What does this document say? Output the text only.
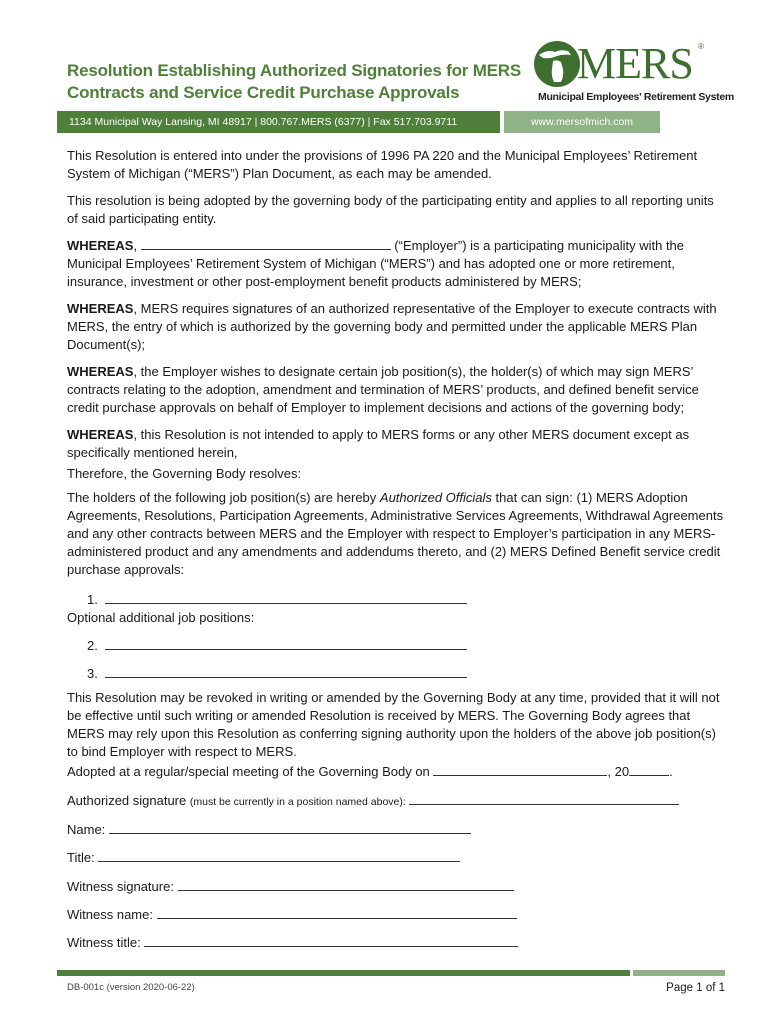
Resolution Establishing Authorized Signatories for MERS
Contracts and Service Credit Purchase Approvals
MERS ®
Municipal Employees' Retirement System
1134 Municipal Way Lansing, MI 48917 | 800.767.MERS (6377) | Fax 517.703.9711	www.mersofmich.com
This Resolution is entered into under the provisions of 1996 PA 220 and the Municipal Employees’ Retirement System of Michigan (“MERS”) Plan Document, as each may be amended.
This resolution is being adopted by the governing body of the participating entity and applies to all reporting units of said participating entity.
WHEREAS,	(“Employer”) is a participating municipality with the Municipal Employees’ Retirement System of Michigan (“MERS”) and has adopted one or more retirement, insurance, investment or other post-employment benefit products administered by MERS;
WHEREAS, MERS requires signatures of an authorized representative of the Employer to execute contracts with MERS, the entry of which is authorized by the governing body and permitted under the applicable MERS Plan Document(s);
WHEREAS, the Employer wishes to designate certain job position(s), the holder(s) of which may sign MERS’ contracts relating to the adoption, amendment and termination of MERS’ products, and defined benefit service credit purchase approvals on behalf of Employer to implement decisions and actions of the governing body;
WHEREAS, this Resolution is not intended to apply to MERS forms or any other MERS document except as specifically mentioned herein,
Therefore, the Governing Body resolves:
The holders of the following job position(s) are hereby Authorized Officials that can sign: (1) MERS Adoption Agreements, Resolutions, Participation Agreements, Administrative Services Agreements, Withdrawal Agreements and any other contracts between MERS and the Employer with respect to Employer’s participation in any MERS-administered product and any amendments and addendums thereto, and (2) MERS Defined Benefit service credit purchase approvals:
1.
Optional additional job positions:
2.
3.
This Resolution may be revoked in writing or amended by the Governing Body at any time, provided that it will not be effective until such writing or amended Resolution is received by MERS. The Governing Body agrees that MERS may rely upon this Resolution as conferring signing authority upon the holders of the above job position(s) to bind Employer with respect to MERS.
Adopted at a regular/special meeting of the Governing Body on	, 20	.
Authorized signature (must be currently in a position named above):
Name:
Title:
Witness signature:
Witness name:
Witness title:
DB-001c (version 2020-06-22)	Page 1 of 1
